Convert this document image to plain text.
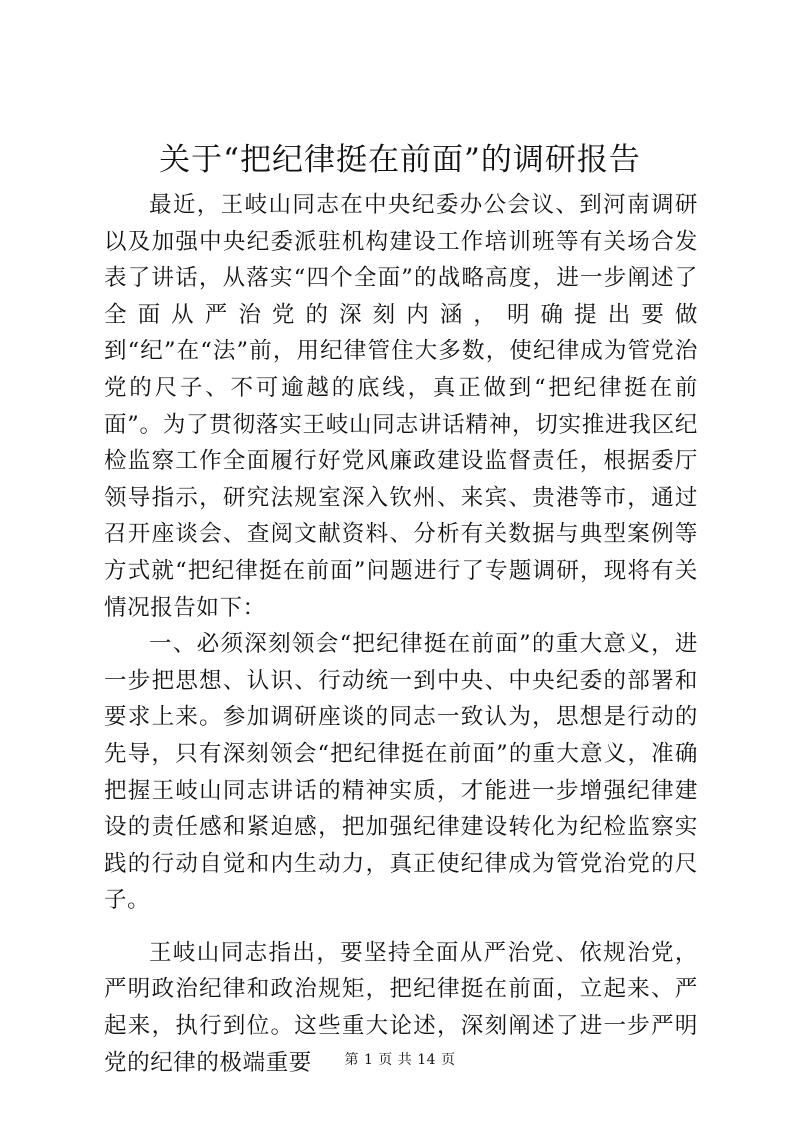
关于“把纪律挺在前面”的调研报告

最近，王岐山同志在中央纪委办公会议、到河南调研以及加强中央纪委派驻机构建设工作培训班等有关场合发表了讲话，从落实“四个全面”的战略高度，进一步阐述了全面从严治党的深刻内涵，明确提出要做到“纪”在“法”前，用纪律管住大多数，使纪律成为管党治党的尺子、不可逾越的底线，真正做到“把纪律挺在前面”。为了贯彻落实王岐山同志讲话精神，切实推进我区纪检监察工作全面履行好党风廉政建设监督责任，根据委厅领导指示，研究法规室深入钦州、来宾、贵港等市，通过召开座谈会、查阅文献资料、分析有关数据与典型案例等方式就“把纪律挺在前面”问题进行了专题调研，现将有关情况报告如下：

一、必须深刻领会“把纪律挺在前面”的重大意义，进一步把思想、认识、行动统一到中央、中央纪委的部署和要求上来。参加调研座谈的同志一致认为，思想是行动的先导，只有深刻领会“把纪律挺在前面”的重大意义，准确把握王岐山同志讲话的精神实质，才能进一步增强纪律建设的责任感和紧迫感，把加强纪律建设转化为纪检监察实践的行动自觉和内生动力，真正使纪律成为管党治党的尺子。

王岐山同志指出，要坚持全面从严治党、依规治党，严明政治纪律和政治规矩，把纪律挺在前面，立起来、严起来，执行到位。这些重大论述，深刻阐述了进一步严明党的纪律的极端重要	第 1 页 共 14 页
